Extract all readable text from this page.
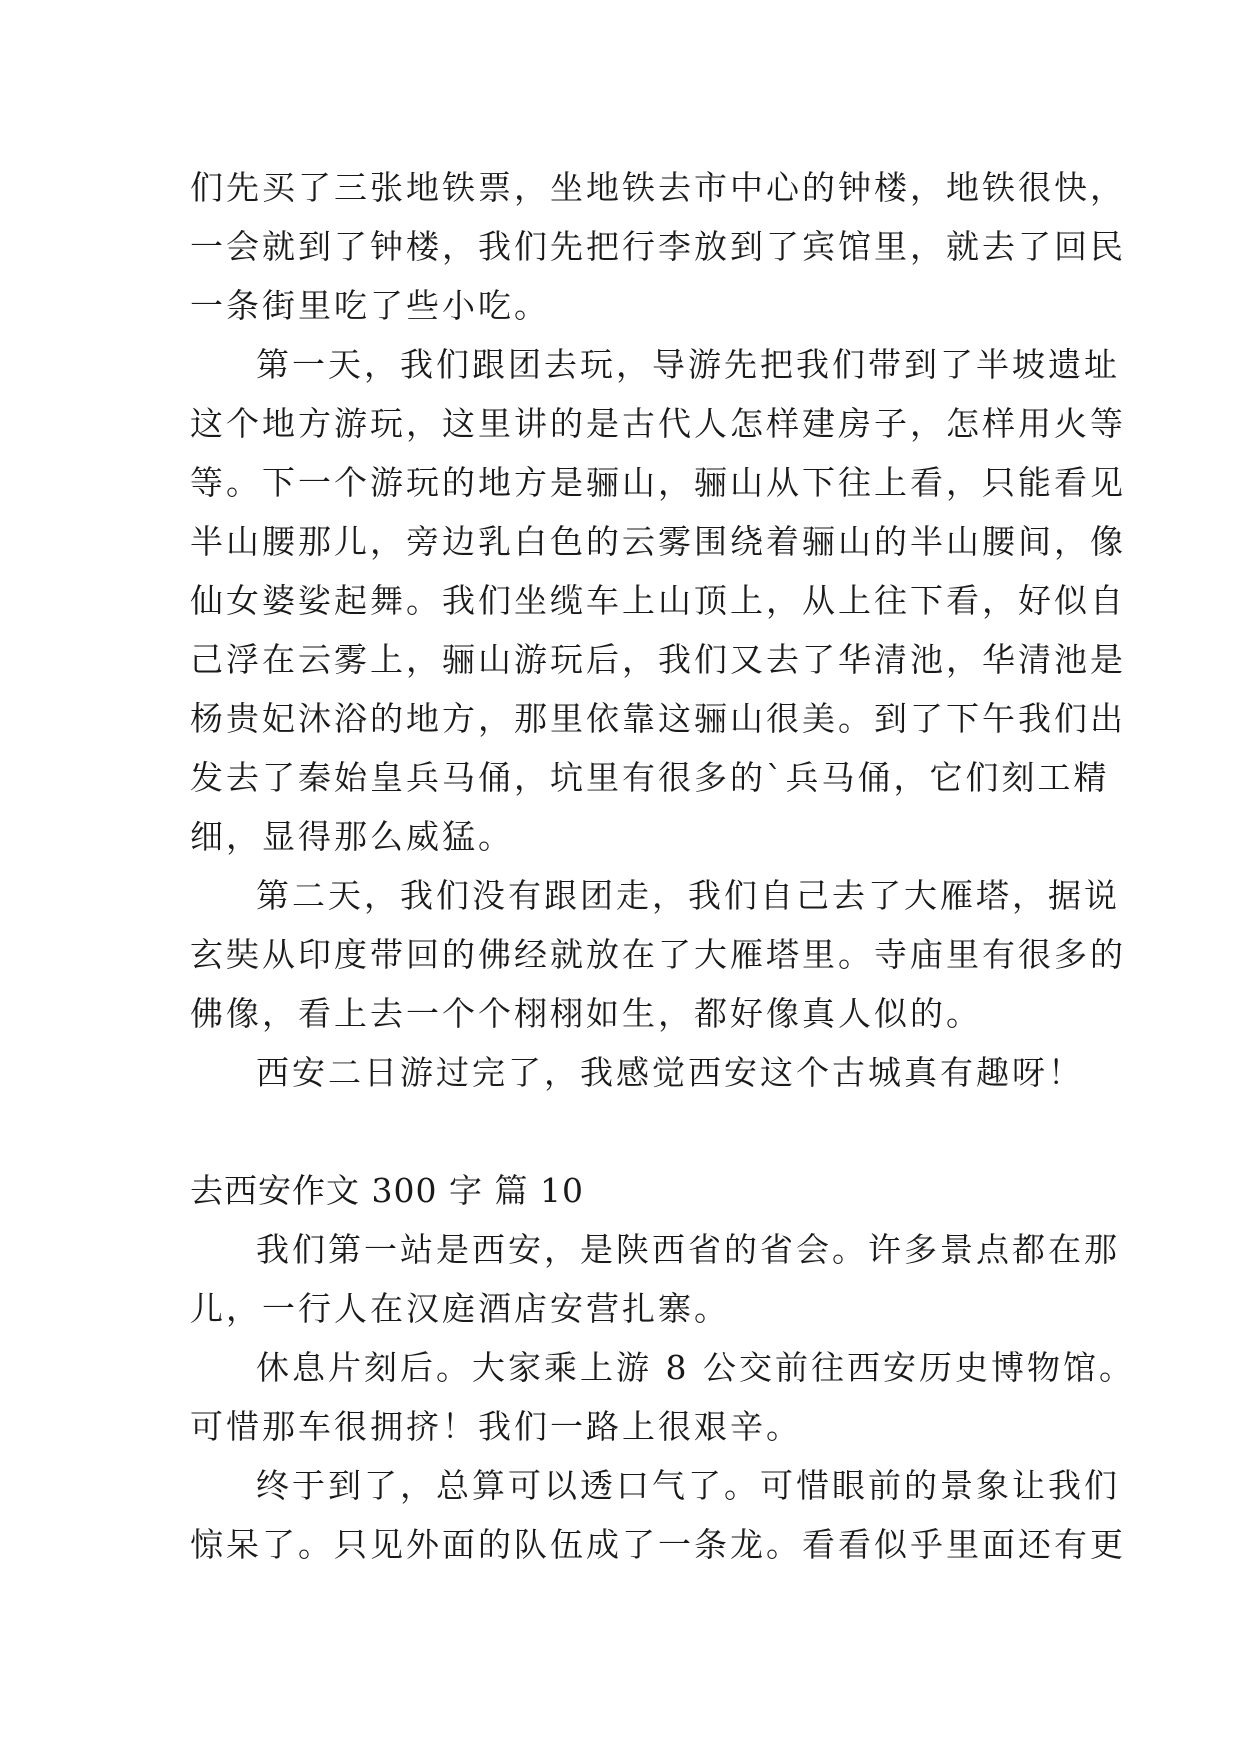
们先买了三张地铁票，坐地铁去市中心的钟楼，地铁很快，
一会就到了钟楼，我们先把行李放到了宾馆里，就去了回民
一条街里吃了些小吃。
第一天，我们跟团去玩，导游先把我们带到了半坡遗址
这个地方游玩，这里讲的是古代人怎样建房子，怎样用火等
等。下一个游玩的地方是骊山，骊山从下往上看，只能看见
半山腰那儿，旁边乳白色的云雾围绕着骊山的半山腰间，像
仙女婆娑起舞。我们坐缆车上山顶上，从上往下看，好似自
己浮在云雾上，骊山游玩后，我们又去了华清池，华清池是
杨贵妃沐浴的地方，那里依靠这骊山很美。到了下午我们出
发去了秦始皇兵马俑，坑里有很多的`兵马俑，它们刻工精
细，显得那么威猛。
第二天，我们没有跟团走，我们自己去了大雁塔，据说
玄奘从印度带回的佛经就放在了大雁塔里。寺庙里有很多的
佛像，看上去一个个栩栩如生，都好像真人似的。
西安二日游过完了，我感觉西安这个古城真有趣呀！
去西安作文 300 字 篇 10
我们第一站是西安，是陕西省的省会。许多景点都在那
儿，一行人在汉庭酒店安营扎寨。
休息片刻后。大家乘上游 8 公交前往西安历史博物馆。
可惜那车很拥挤！我们一路上很艰辛。
终于到了，总算可以透口气了。可惜眼前的景象让我们
惊呆了。只见外面的队伍成了一条龙。看看似乎里面还有更
